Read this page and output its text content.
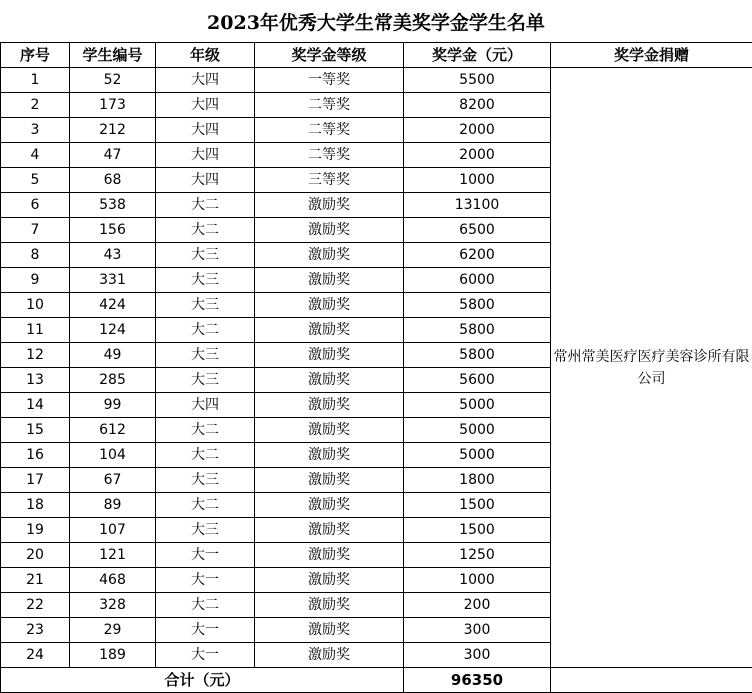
2023年优秀大学生常美奖学金学生名单
序号	学生编号	年级	奖学金等级	奖学金（元）	奖学金捐赠
1	52	大四	一等奖	5500	常州常美医疗医疗美容诊所有限公司
2	173	大四	二等奖	8200	
3	212	大四	二等奖	2000	
4	47	大四	二等奖	2000	
5	68	大四	三等奖	1000	
6	538	大二	激励奖	13100	
7	156	大二	激励奖	6500	
8	43	大三	激励奖	6200	
9	331	大三	激励奖	6000	
10	424	大三	激励奖	5800	
11	124	大二	激励奖	5800	
12	49	大三	激励奖	5800	
13	285	大三	激励奖	5600	
14	99	大四	激励奖	5000	
15	612	大二	激励奖	5000	
16	104	大二	激励奖	5000	
17	67	大三	激励奖	1800	
18	89	大二	激励奖	1500	
19	107	大三	激励奖	1500	
20	121	大一	激励奖	1250	
21	468	大一	激励奖	1000	
22	328	大二	激励奖	200	
23	29	大一	激励奖	300	
24	189	大一	激励奖	300	
合计（元）				96350	
